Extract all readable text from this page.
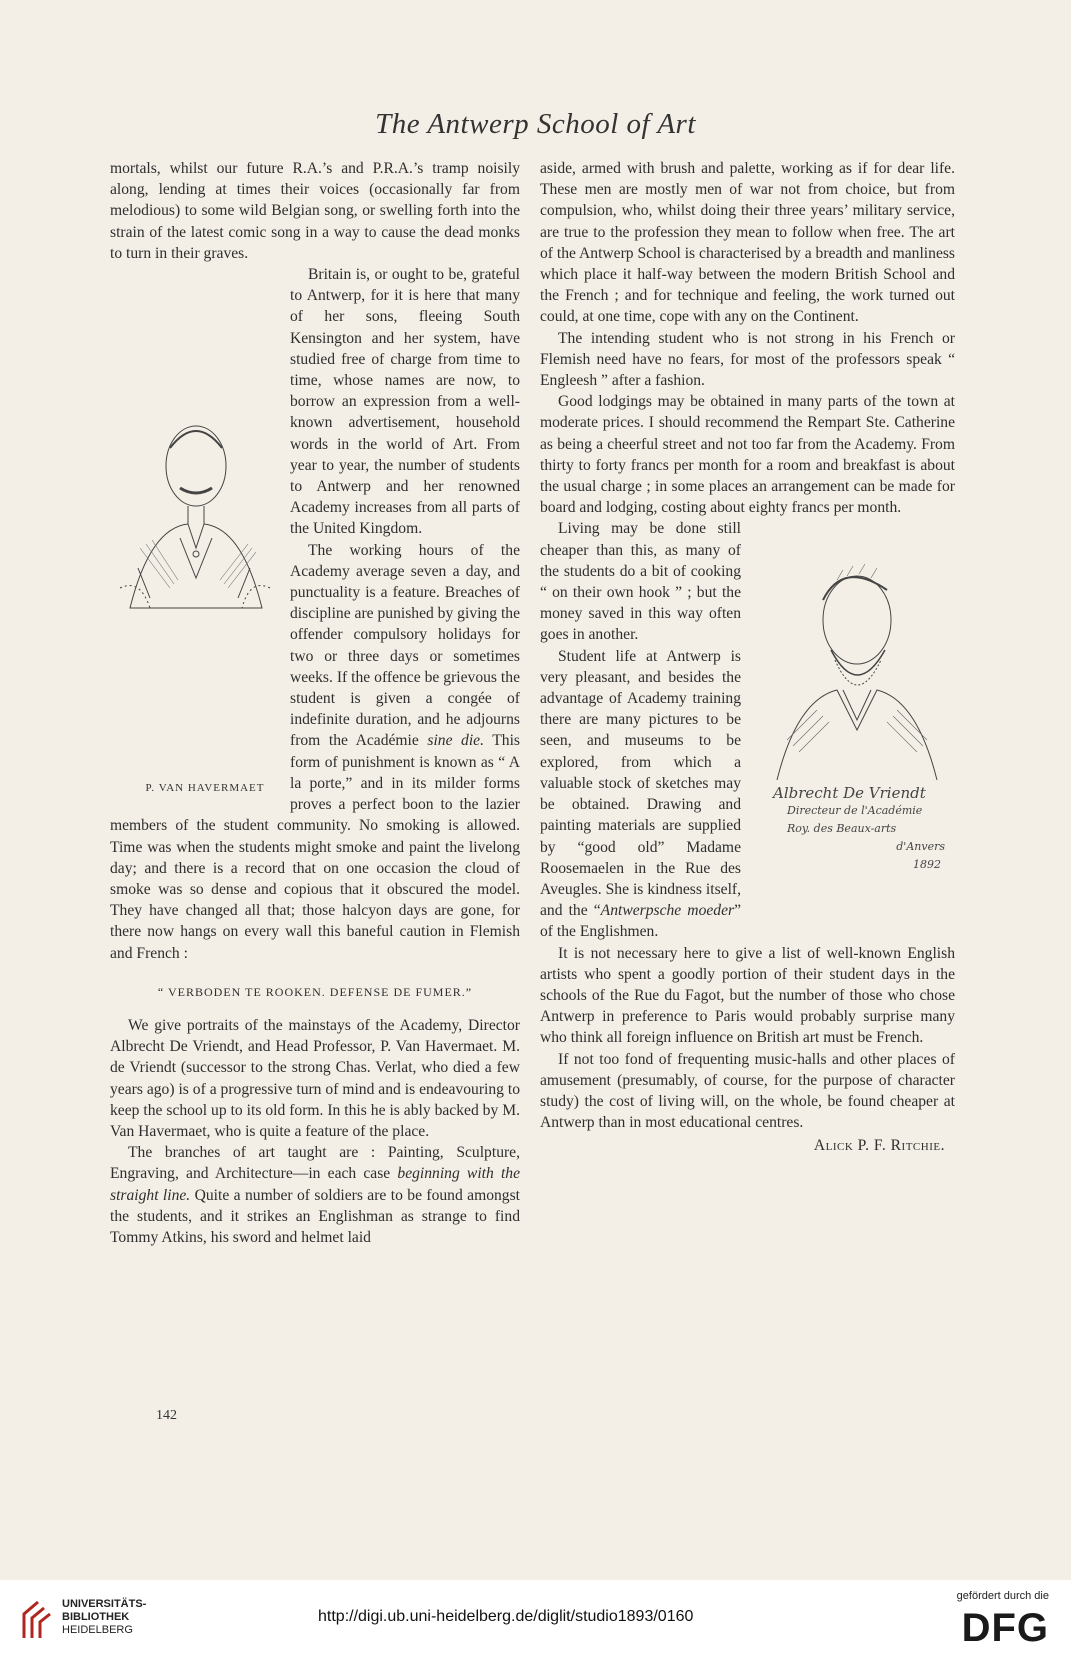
The Antwerp School of Art

mortals, whilst our future R.A.’s and P.R.A.’s tramp noisily along, lending at times their voices (occasionally far from melodious) to some wild Belgian song, or swelling forth into the strain of the latest comic song in a way to cause the dead monks to turn in their graves.

P. VAN HAVERMAET
Britain is, or ought to be, grateful to Antwerp, for it is here that many of her sons, fleeing South Kensington and her system, have studied free of charge from time to time, whose names are now, to borrow an expression from a well-known advertisement, household words in the world of Art. From year to year, the number of students to Antwerp and her renowned Academy increases from all parts of the United Kingdom.

The working hours of the Academy average seven a day, and punctuality is a feature. Breaches of discipline are punished by giving the offender compulsory holidays for two or three days or sometimes weeks. If the offence be grievous the student is given a congée of indefinite duration, and he adjourns from the Académie sine die. This form of punishment is known as “ A la porte,” and in its milder forms proves a perfect boon to the lazier members of the student community. No smoking is allowed. Time was when the students might smoke and paint the livelong day; and there is a record that on one occasion the cloud of smoke was so dense and copious that it obscured the model. They have changed all that; those halcyon days are gone, for there now hangs on every wall this baneful caution in Flemish and French :

“ VERBODEN TE ROOKEN. DEFENSE DE FUMER.”

We give portraits of the mainstays of the Academy, Director Albrecht De Vriendt, and Head Professor, P. Van Havermaet. M. de Vriendt (successor to the strong Chas. Verlat, who died a few years ago) is of a progressive turn of mind and is endeavouring to keep the school up to its old form. In this he is ably backed by M. Van Havermaet, who is quite a feature of the place.

The branches of art taught are : Painting, Sculpture, Engraving, and Architecture—in each case beginning with the straight line. Quite a number of soldiers are to be found amongst the students, and it strikes an Englishman as strange to find Tommy Atkins, his sword and helmet laid

aside, armed with brush and palette, working as if for dear life. These men are mostly men of war not from choice, but from compulsion, who, whilst doing their three years’ military service, are true to the profession they mean to follow when free. The art of the Antwerp School is characterised by a breadth and manliness which place it half-way between the modern British School and the French ; and for technique and feeling, the work turned out could, at one time, cope with any on the Continent.

The intending student who is not strong in his French or Flemish need have no fears, for most of the professors speak “ Engleesh ” after a fashion.

Good lodgings may be obtained in many parts of the town at moderate prices. I should recommend the Rempart Ste. Catherine as being a cheerful street and not too far from the Academy. From thirty to forty francs per month for a room and breakfast is about the usual charge ; in some places an arrangement can be made for board and lodging, costing about eighty francs per month.

Albrecht De Vriendt
Directeur de l'Académie
Roy. des Beaux-arts
d'Anvers
1892
Living may be done still cheaper than this, as many of the students do a bit of cooking “ on their own hook ” ; but the money saved in this way often goes in another.

Student life at Antwerp is very pleasant, and besides the advantage of Academy training there are many pictures to be seen, and museums to be explored, from which a valuable stock of sketches may be obtained. Drawing and painting materials are supplied by “good old” Madame Roosemaelen in the Rue des Aveugles. She is kindness itself, and the “Antwerpsche moeder” of the Englishmen.

It is not necessary here to give a list of well-known English artists who spent a goodly portion of their student days in the schools of the Rue du Fagot, but the number of those who chose Antwerp in preference to Paris would probably surprise many who think all foreign influence on British art must be French.

If not too fond of frequenting music-halls and other places of amusement (presumably, of course, for the purpose of character study) the cost of living will, on the whole, be found cheaper at Antwerp than in most educational centres.

Alick P. F. Ritchie.
142
UNIVERSITÄTS-
BIBLIOTHEK
HEIDELBERG
http://digi.ub.uni-heidelberg.de/diglit/studio1893/0160
gefördert durch die
DFG
